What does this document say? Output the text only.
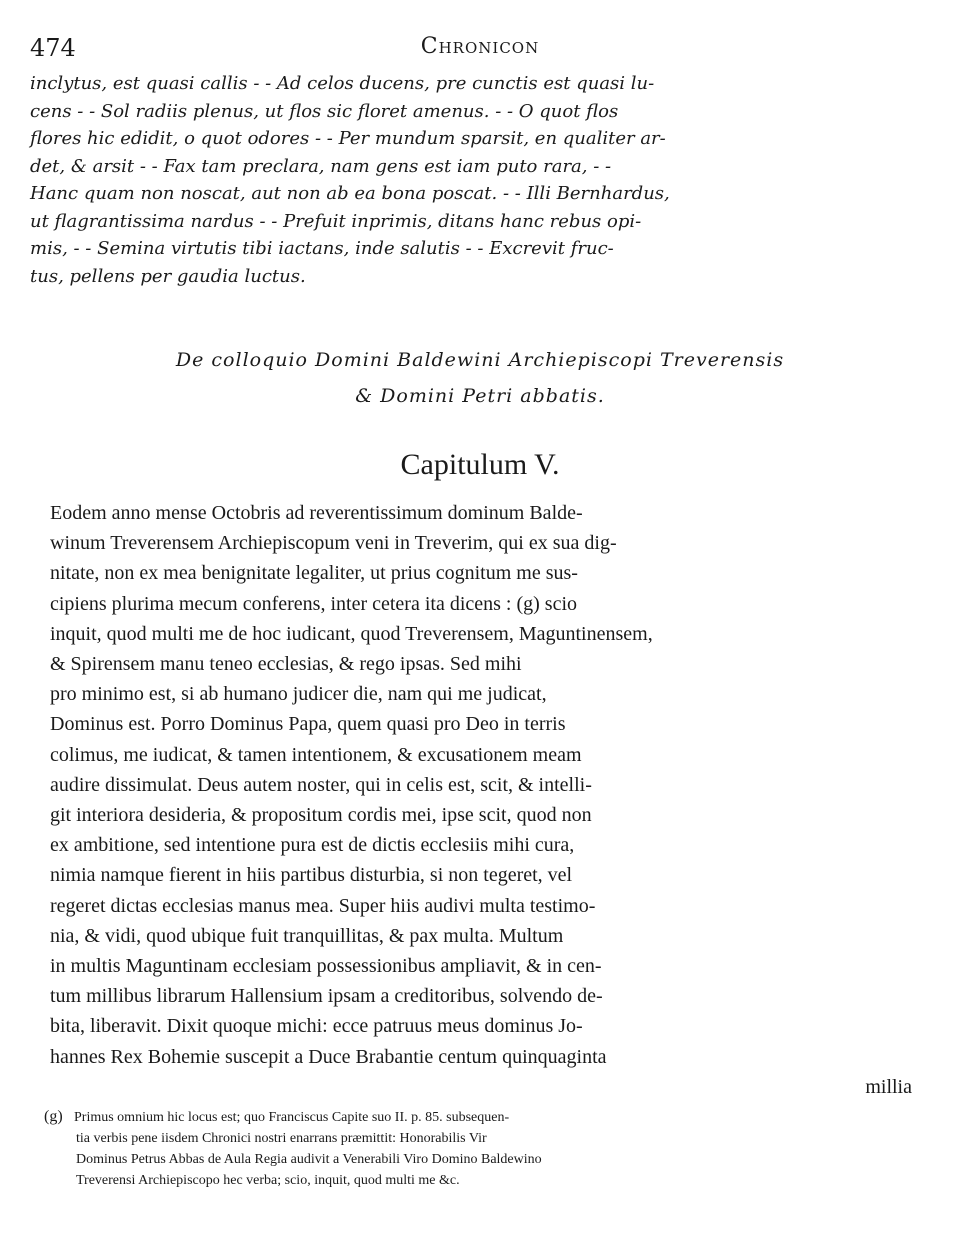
474	Chronicon
inclytus, est quasi callis - - Ad celos ducens, pre cunctis est quasi lu-
cens - - Sol radiis plenus, ut flos sic floret amenus. - - O quot flos
flores hic edidit, o quot odores - - Per mundum sparsit, en qualiter ar-
det, & arsit - - Fax tam preclara, nam gens est iam puto rara, - -
Hanc quam non noscat, aut non ab ea bona poscat. - - Illi Bernhardus,
ut flagrantissima nardus - - Prefuit inprimis, ditans hanc rebus opi-
mis, - - Semina virtutis tibi iactans, inde salutis - - Excrevit fruc-
tus, pellens per gaudia luctus.
De colloquio Domini Baldewini Archiepiscopi Treverensis
& Domini Petri abbatis.
Capitulum V.
Eodem anno mense Octobris ad reverentissimum dominum Balde-
winum Treverensem Archiepiscopum veni in Treverim, qui ex sua dig-
nitate, non ex mea benignitate legaliter, ut prius cognitum me sus-
cipiens plurima mecum conferens, inter cetera ita dicens : (g) scio
inquit, quod multi me de hoc iudicant, quod Treverensem, Maguntinensem,
& Spirensem manu teneo ecclesias, & rego ipsas. Sed mihi
pro minimo est, si ab humano judicer die, nam qui me judicat,
Dominus est. Porro Dominus Papa, quem quasi pro Deo in terris
colimus, me iudicat, & tamen intentionem, & excusationem meam
audire dissimulat. Deus autem noster, qui in celis est, scit, & intelli-
git interiora desideria, & propositum cordis mei, ipse scit, quod non
ex ambitione, sed intentione pura est de dictis ecclesiis mihi cura,
nimia namque fierent in hiis partibus disturbia, si non tegeret, vel
regeret dictas ecclesias manus mea. Super hiis audivi multa testimo-
nia, & vidi, quod ubique fuit tranquillitas, & pax multa. Multum
in multis Maguntinam ecclesiam possessionibus ampliavit, & in cen-
tum millibus librarum Hallensium ipsam a creditoribus, solvendo de-
bita, liberavit. Dixit quoque michi: ecce patruus meus dominus Jo-
hannes Rex Bohemie suscepit a Duce Brabantie centum quinquaginta
millia
(g) Primus omnium hic locus est; quo Franciscus Capite suo II. p. 85. subsequen-
tia verbis pene iisdem Chronici nostri enarrans præmittit: Honorabilis Vir
Dominus Petrus Abbas de Aula Regia audivit a Venerabili Viro Domino Baldewino
Treverensi Archiepiscopo hec verba; scio, inquit, quod multi me &c.
